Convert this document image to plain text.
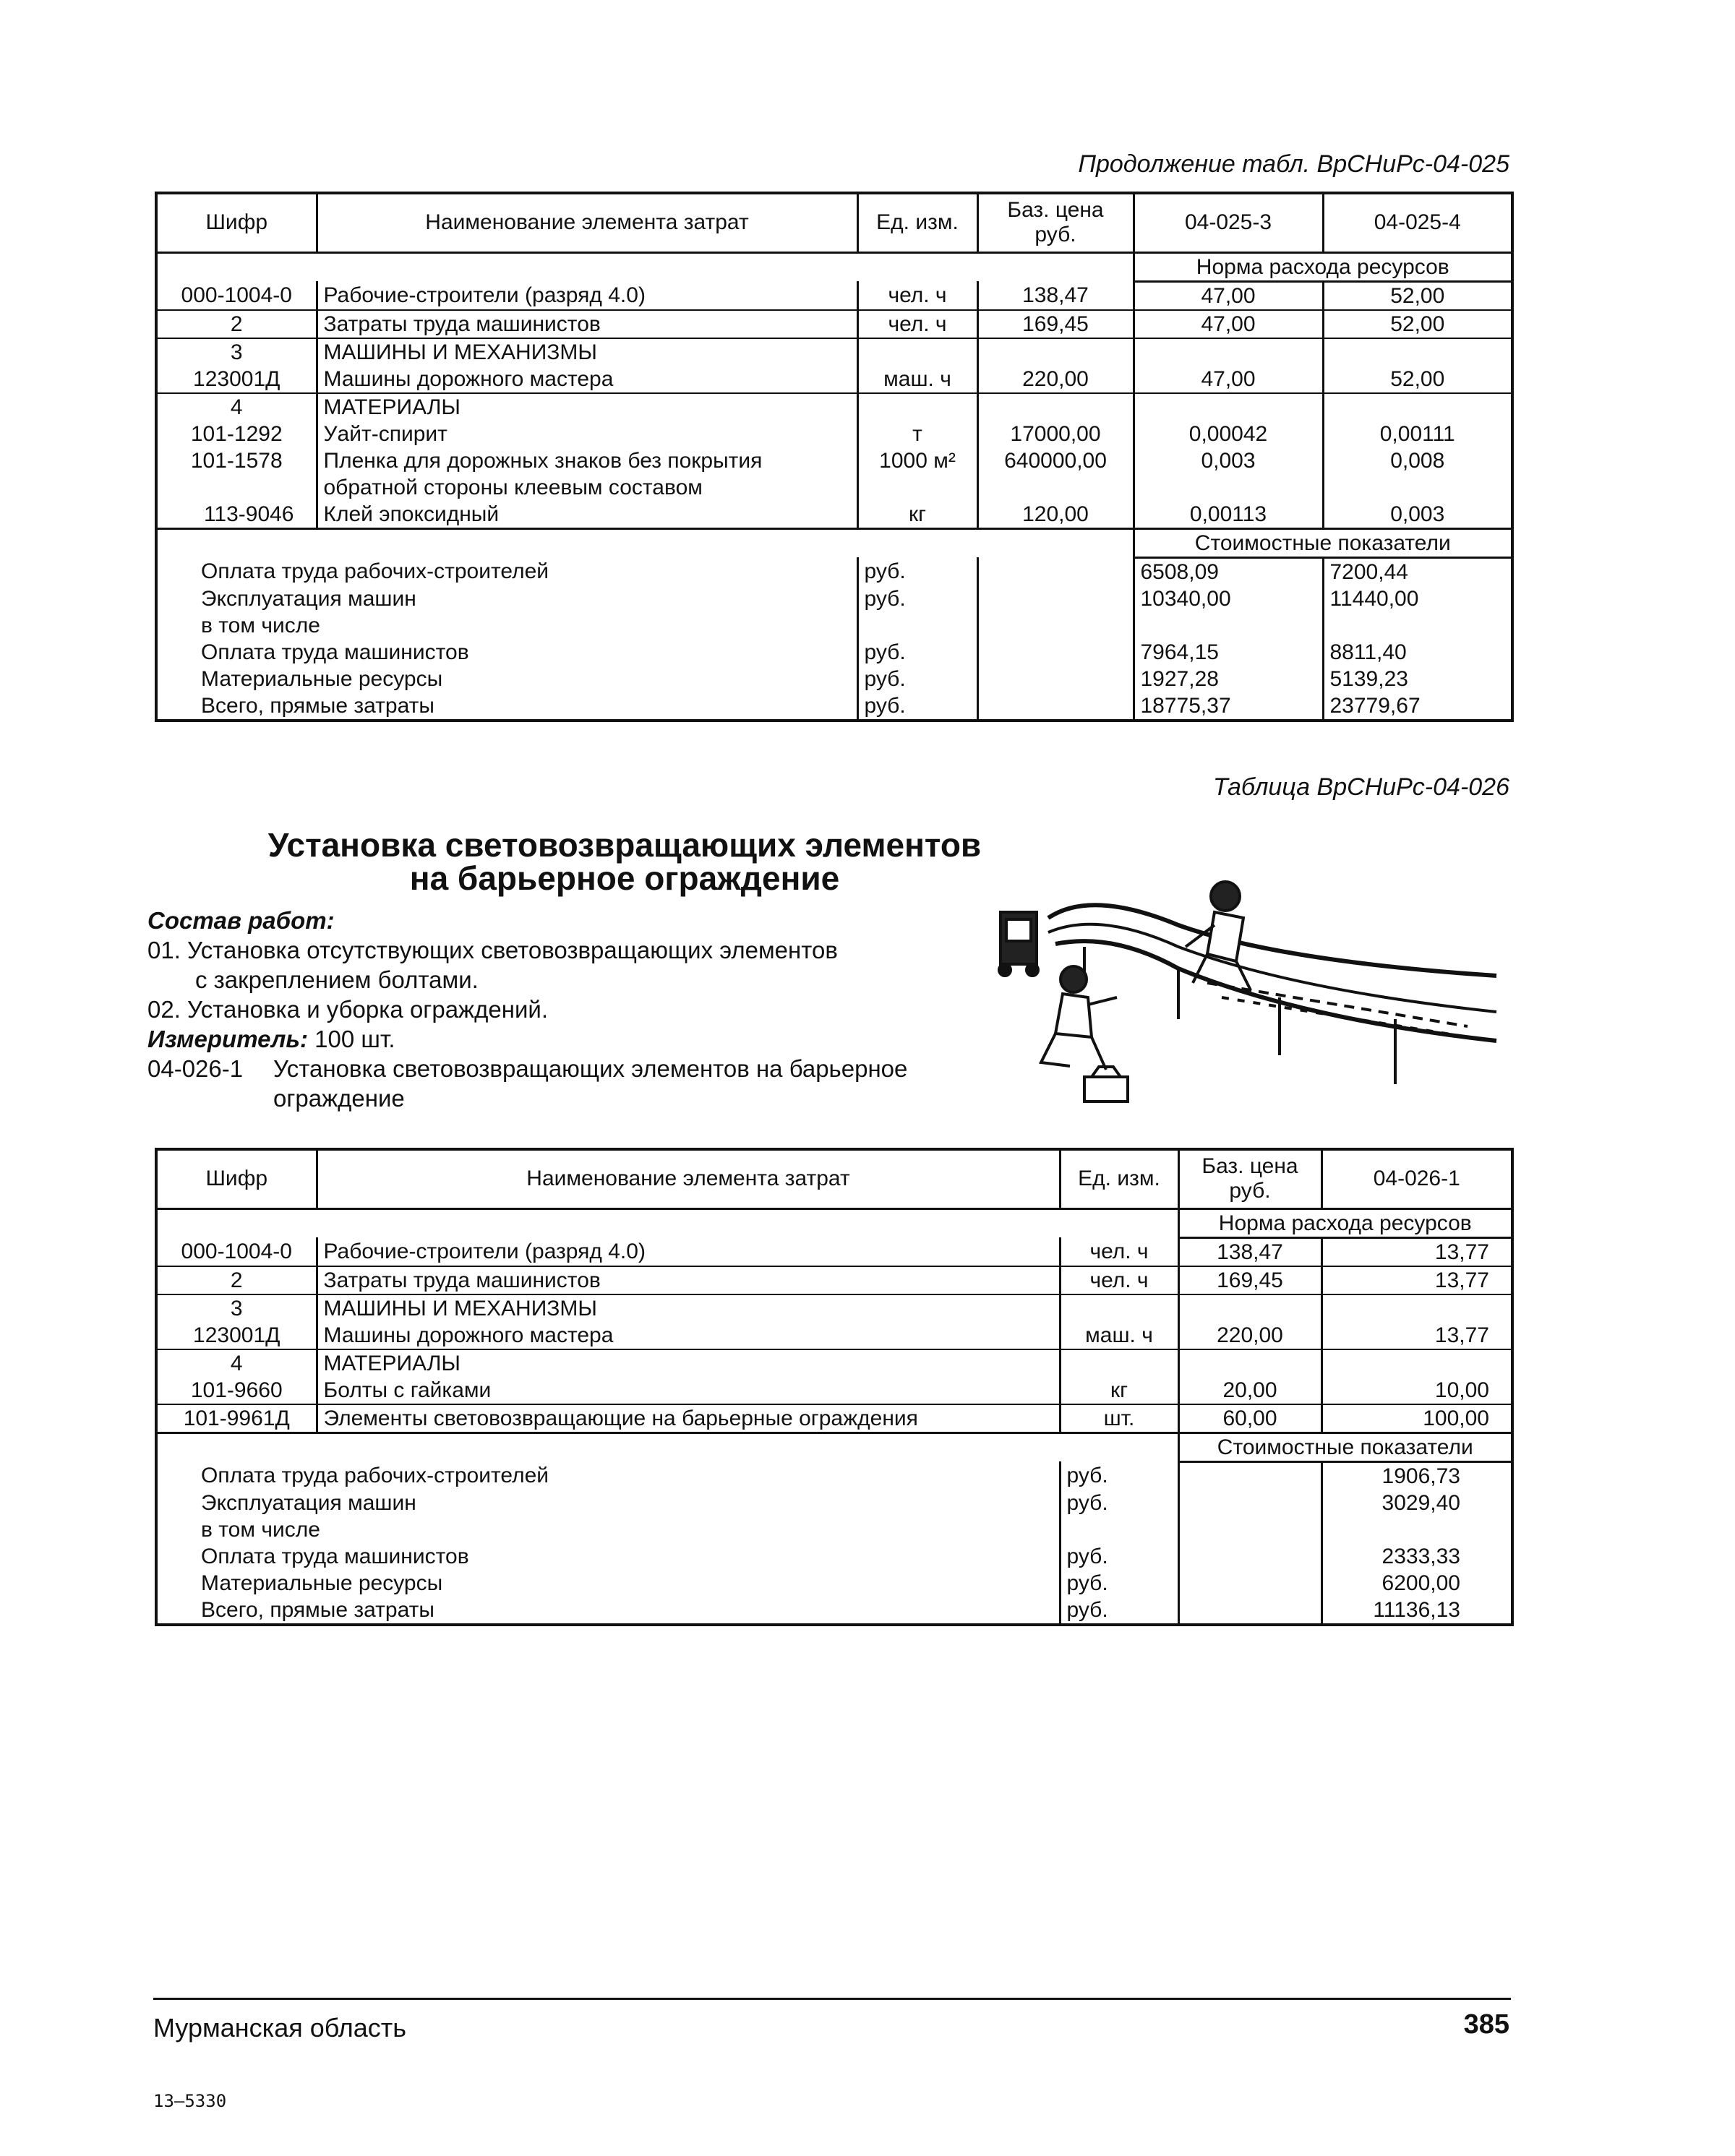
Продолжение табл. ВрСНиРс-04-025
Шифр	Наименование элемента затрат	Ед. изм.	Баз. цена руб.	04-025-3	04-025-4
				Норма расхода ресурсов	
000-1004-0	Рабочие-строители (разряд 4.0)	чел. ч	138,47	47,00	52,00
2	Затраты труда машинистов	чел. ч	169,45	47,00	52,00
3	МАШИНЫ И МЕХАНИЗМЫ				
123001Д	Машины дорожного мастера	маш. ч	220,00	47,00	52,00
4	МАТЕРИАЛЫ				
101-1292	Уайт-спирит	т	17000,00	0,00042	0,00111
101-1578	Пленка для дорожных знаков без покрытия	1000 м²	640000,00	0,003	0,008
	обратной стороны клеевым составом				
113-9046	Клей эпоксидный	кг	120,00	0,00113	0,003
				Стоимостные показатели	
Оплата труда рабочих-строителей		руб.		6508,09	7200,44
Эксплуатация машин		руб.		10340,00	11440,00
в том числе					
Оплата труда машинистов		руб.		7964,15	8811,40
Материальные ресурсы		руб.		1927,28	5139,23
Всего, прямые затраты		руб.		18775,37	23779,67
Таблица ВрСНиРс-04-026
Установка световозвращающих элементов
на барьерное ограждение
Состав работ:
01. Установка отсутствующих световозвращающих элементов
с закреплением болтами.
02. Установка и уборка ограждений.
Измеритель: 100 шт.
04-026-1	Установка световозвращающих элементов на барьерное
ограждение
Шифр	Наименование элемента затрат	Ед. изм.	Баз. цена руб.	04-026-1
			Норма расхода ресурсов	
000-1004-0	Рабочие-строители (разряд 4.0)	чел. ч	138,47	13,77
2	Затраты труда машинистов	чел. ч	169,45	13,77
3	МАШИНЫ И МЕХАНИЗМЫ			
123001Д	Машины дорожного мастера	маш. ч	220,00	13,77
4	МАТЕРИАЛЫ			
101-9660	Болты с гайками	кг	20,00	10,00
101-9961Д	Элементы световозвращающие на барьерные ограждения	шт.	60,00	100,00
			Стоимостные показатели	
Оплата труда рабочих-строителей		руб.		1906,73
Эксплуатация машин		руб.		3029,40
в том числе				
Оплата труда машинистов		руб.		2333,33
Материальные ресурсы		руб.		6200,00
Всего, прямые затраты		руб.		11136,13
Мурманская область	385
13—5330
